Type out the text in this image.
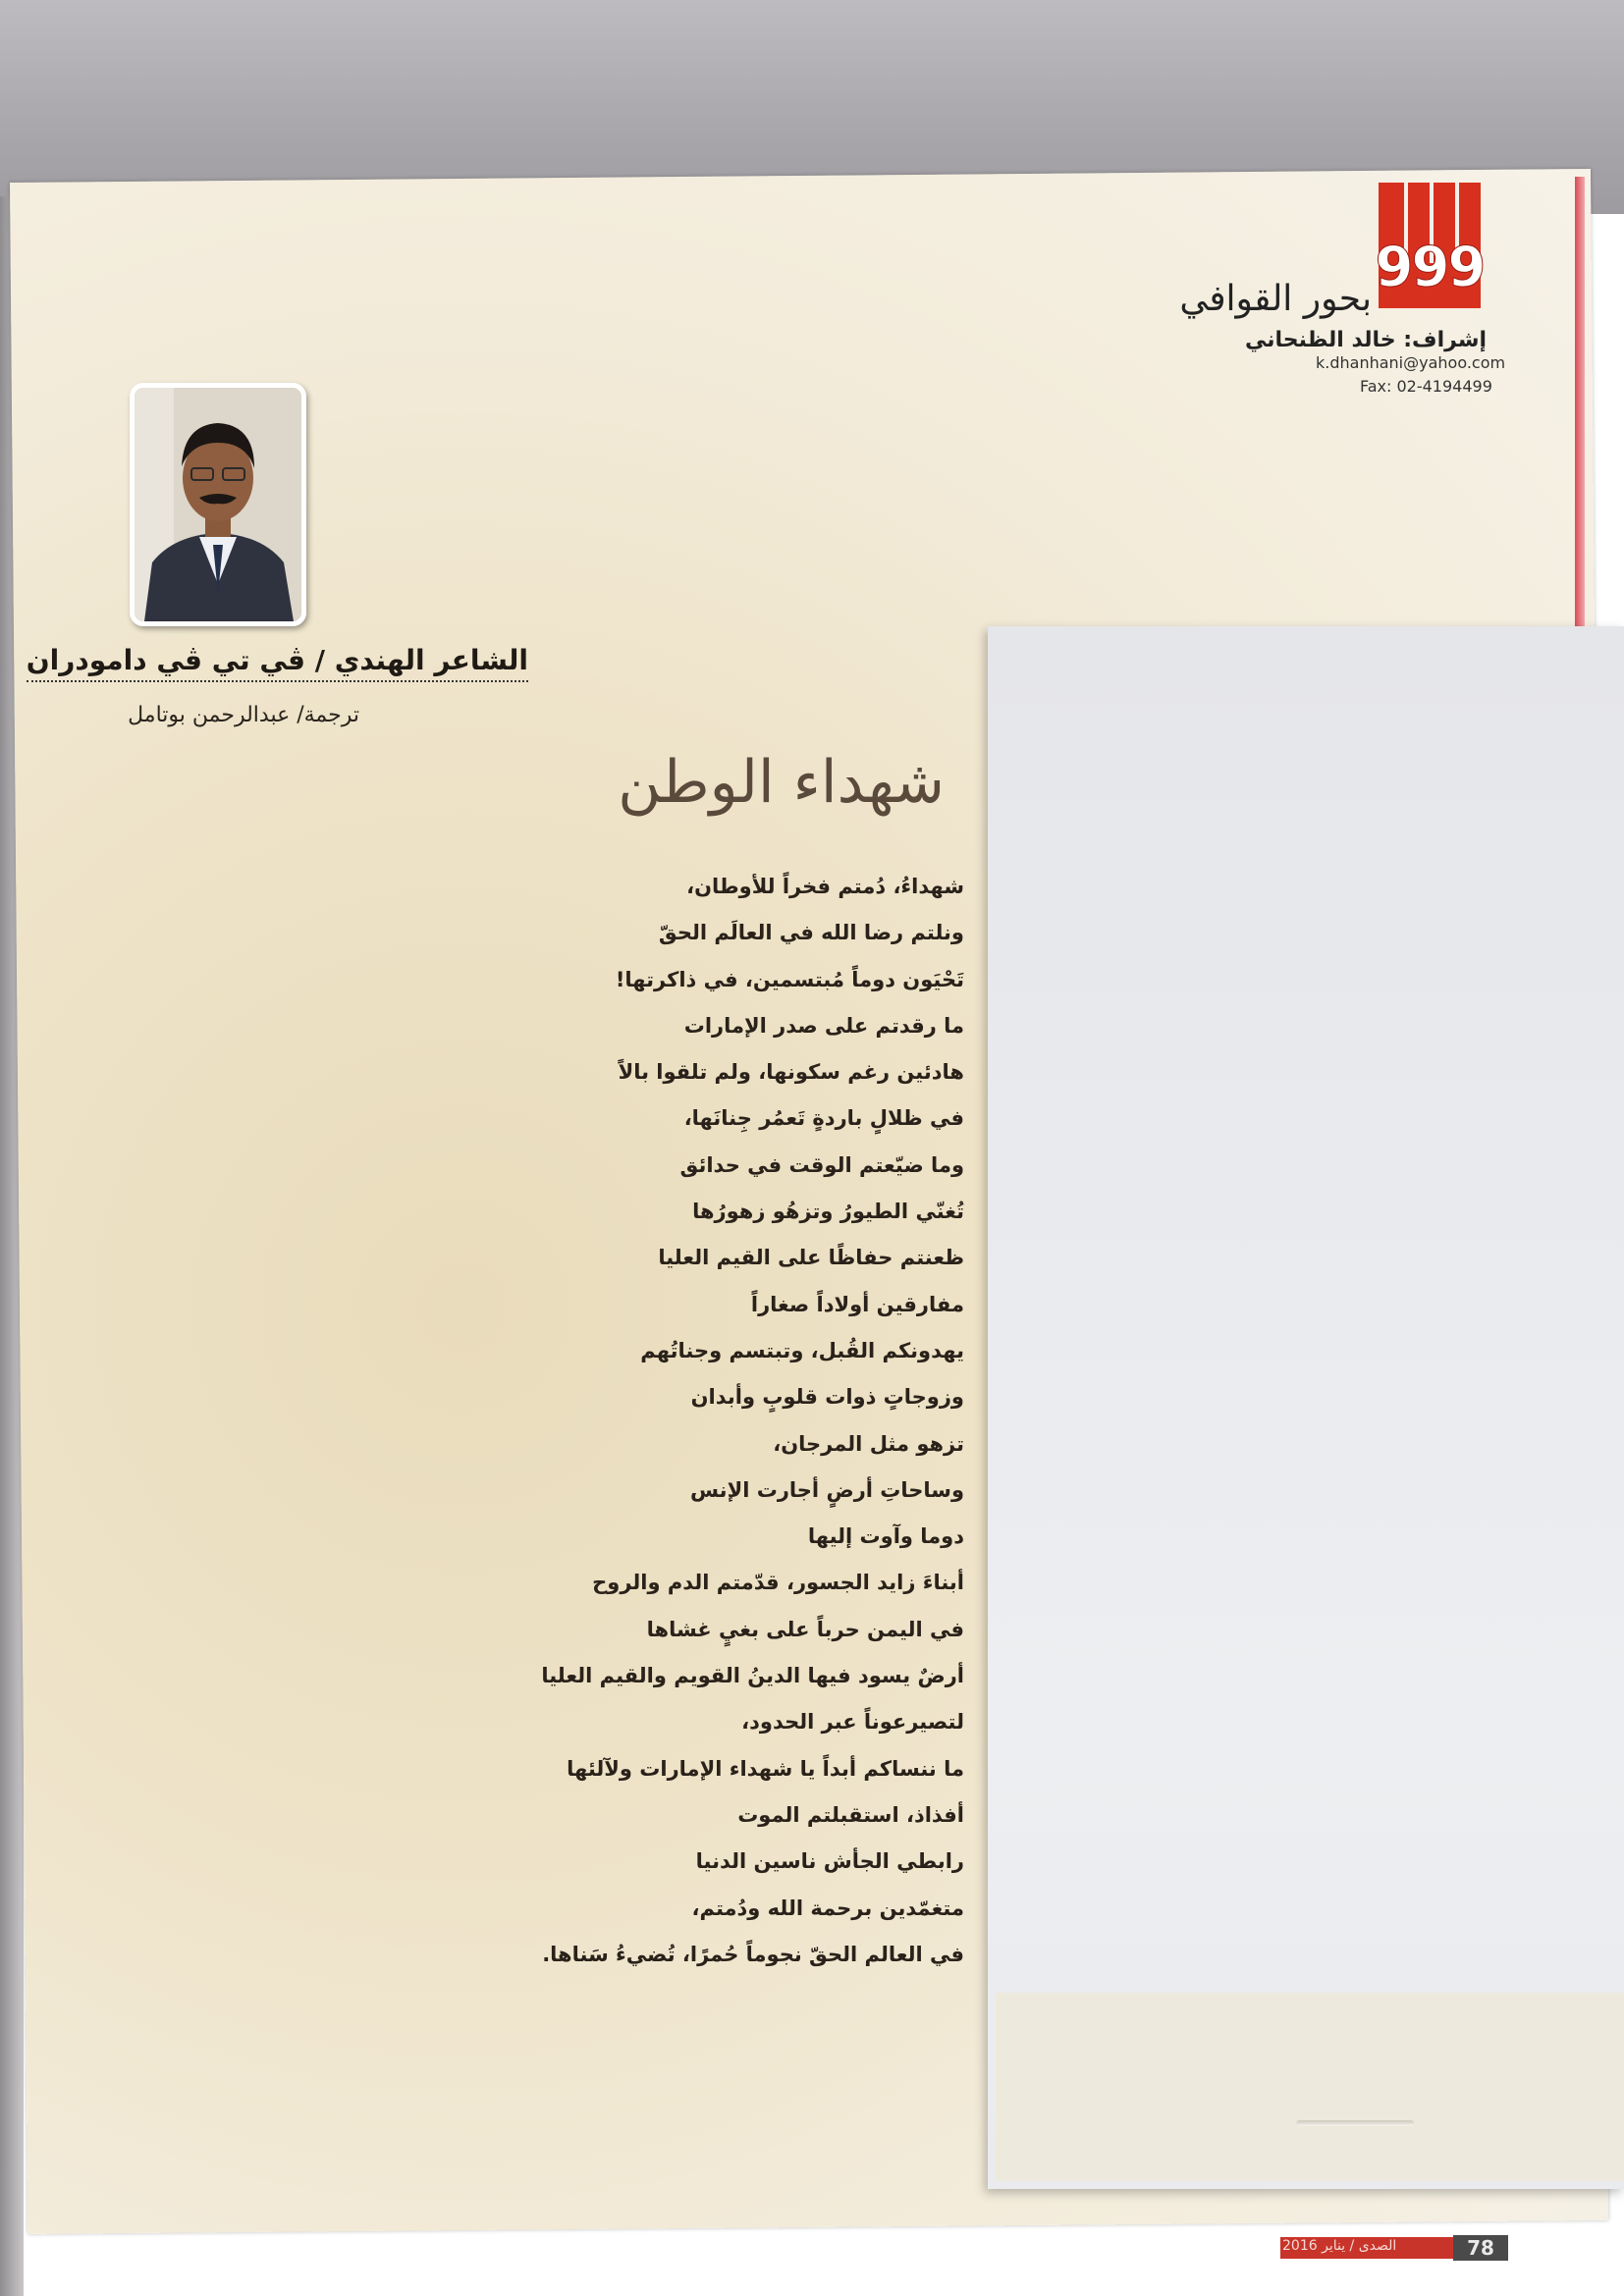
999
بحور القوافي
إشراف: خالد الظنحاني
k.dhanhani@yahoo.com
Fax: 02-4194499
الشاعر الهندي / ڤي تي ڤي دامودران
ترجمة/ عبدالرحمن بوتامل
شهداء الوطن
شهداءُ، دُمتم فخراً للأوطان،
ونلتم رضا الله في العالَم الحقّ
تَحْيَون دوماً مُبتسمين، في ذاكرتها!
ما رقدتم على صدر الإمارات
هادئين رغم سكونها، ولم تلقوا بالاً
في ظلالٍ باردةٍ تَعمُر جِنانَها،
وما ضيّعتم الوقت في حدائق
تُغنّي الطيورُ وتزهُو زهورُها
ظعنتم حفاظًا على القيم العليا
مفارقين أولاداً صغاراً
يهدونكم القُبل، وتبتسم وجناتُهم
وزوجاتٍ ذوات قلوبٍ وأبدان
تزهو مثل المرجان،
وساحاتِ أرضٍ أجارت الإنس
دوما وآوت إليها
أبناءَ زايد الجسور، قدّمتم الدم والروح
في اليمن حرباً على بغيٍ غشاها
أرضٌ يسود فيها الدينُ القويم والقيم العليا
لتصيرعوناً عبر الحدود،
ما ننساكم أبداً يا شهداء الإمارات ولآلئها
أفذاذ، استقبلتم الموت
رابطي الجأش ناسين الدنيا
متغمّدين برحمة الله ودُمتم،
في العالم الحقّ نجوماً حُمرًا، تُضيءُ سَناها.
الصدى / يناير 2016	78
